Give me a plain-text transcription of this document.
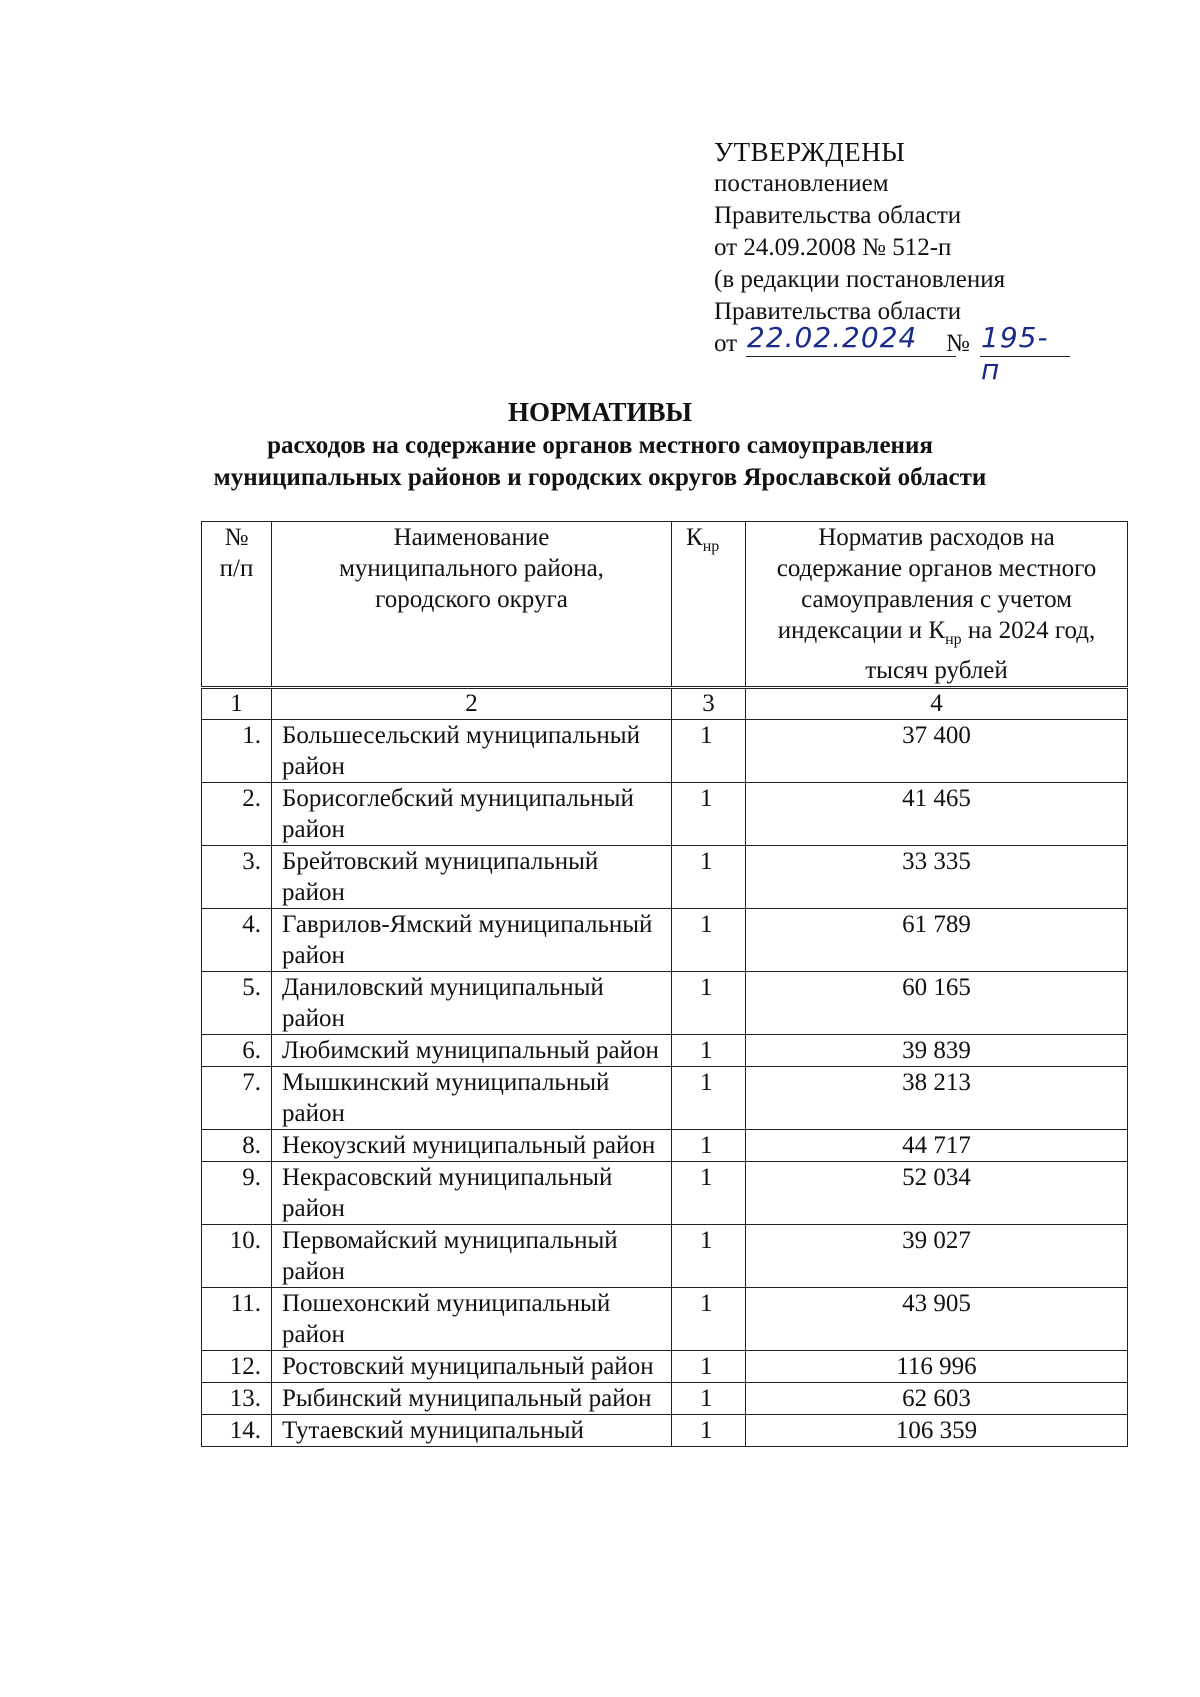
УТВЕРЖДЕНЫ
постановлением
Правительства области
от 24.09.2008 № 512-п
(в редакции постановления
Правительства области
от 22.02.2024 № 195-п
НОРМАТИВЫ
расходов на содержание органов местного самоуправления
муниципальных районов и городских округов Ярославской области
№ п/п	Наименование муниципального района, городского округа	$К_{нр}$	Норматив расходов на содержание органов местного самоуправления с учетом индексации и $К_{нр}$ на 2024 год, тысяч рублей
1	2	3	4
1.	Большесельский муниципальный район	1	37 400
2.	Борисоглебский муниципальный район	1	41 465
3.	Брейтовский муниципальный район	1	33 335
4.	Гаврилов-Ямский муниципальный район	1	61 789
5.	Даниловский муниципальный район	1	60 165
6.	Любимский муниципальный район	1	39 839
7.	Мышкинский муниципальный район	1	38 213
8.	Некоузский муниципальный район	1	44 717
9.	Некрасовский муниципальный район	1	52 034
10.	Первомайский муниципальный район	1	39 027
11.	Пошехонский муниципальный район	1	43 905
12.	Ростовский муниципальный район	1	116 996
13.	Рыбинский муниципальный район	1	62 603
14.	Тутаевский муниципальный	1	106 359
